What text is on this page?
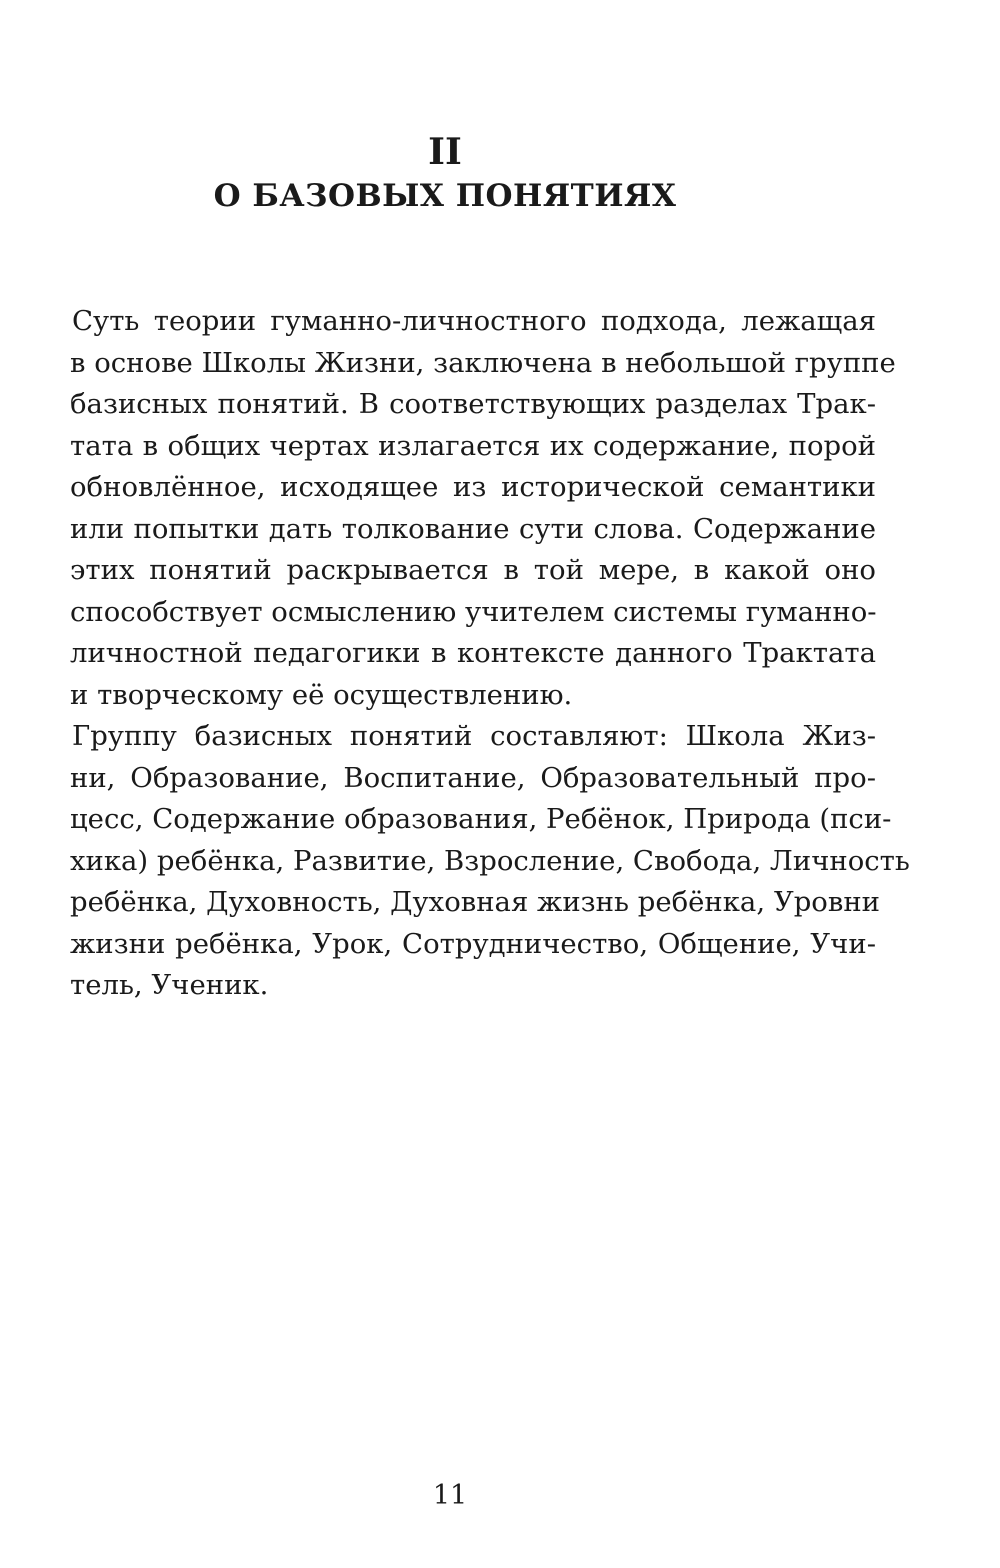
II
О БАЗОВЫХ ПОНЯТИЯХ
Суть теории гуманно-личностного подхода, лежащая
в основе Школы Жизни, заключена в небольшой группе
базисных понятий. В соответствующих разделах Трак-
тата в общих чертах излагается их содержание, порой
обновлённое, исходящее из исторической семантики
или попытки дать толкование сути слова. Содержание
этих понятий раскрывается в той мере, в какой оно
способствует осмыслению учителем системы гуманно-
личностной педагогики в контексте данного Трактата
и творческому её осуществлению.
Группу базисных понятий составляют: Школа Жиз-
ни, Образование, Воспитание, Образовательный про-
цесс, Содержание образования, Ребёнок, Природа (пси-
хика) ребёнка, Развитие, Взросление, Свобода, Личность
ребёнка, Духовность, Духовная жизнь ребёнка, Уровни
жизни ребёнка, Урок, Сотрудничество, Общение, Учи-
тель, Ученик.
11
